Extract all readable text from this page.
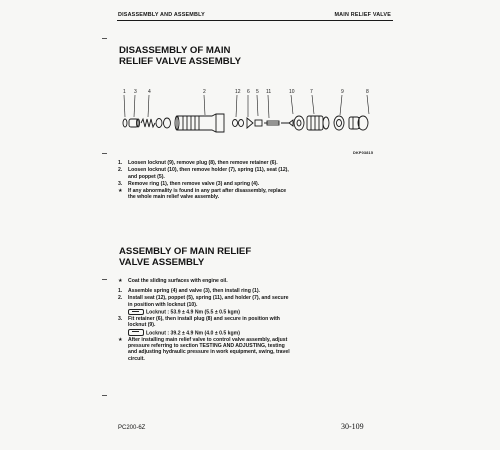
DISASSEMBLY AND ASSEMBLY	MAIN RELIEF VALVE
DISASSEMBLY OF MAIN
RELIEF VALVE ASSEMBLY
1 3 4	2	12 6 5 11	10	7	9	8
DKP03815
1. Loosen locknut (9), remove plug (8), then remove retainer (6).
2. Loosen locknut (10), then remove holder (7), spring (11), seat (12), and poppet (5).
3. Remove ring (1), then remove valve (3) and spring (4).
★ If any abnormality is found in any part after disassembly, replace the whole main relief valve assembly.
ASSEMBLY OF MAIN RELIEF
VALVE ASSEMBLY
★ Coat the sliding surfaces with engine oil.
1. Assemble spring (4) and valve (3), then install ring (1).
2. Install seat (12), poppet (5), spring (11), and holder (7), and secure in position with locknut (10).
Locknut : 53.9 ± 4.9 Nm (5.5 ± 0.5 kgm)
3. Fit retainer (6), then install plug (8) and secure in position with locknut (9).
Locknut : 39.2 ± 4.9 Nm (4.0 ± 0.5 kgm)
★ After installing main relief valve to control valve assembly, adjust pressure referring to section TESTING AND ADJUSTING, testing and adjusting hydraulic pressure in work equipment, swing, travel circuit.
PC200-6Z	30-109
